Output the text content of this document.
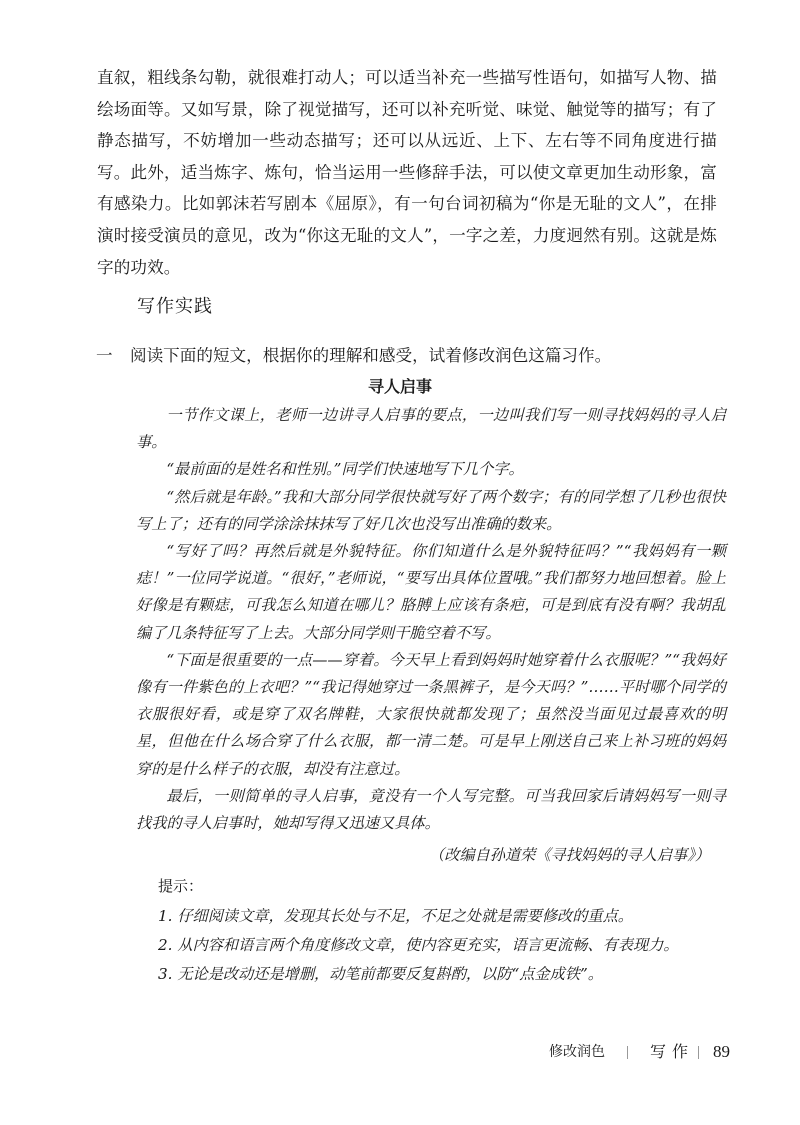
直叙，粗线条勾勒，就很难打动人；可以适当补充一些描写性语句，如描写人物、描绘场面等。又如写景，除了视觉描写，还可以补充听觉、味觉、触觉等的描写；有了静态描写，不妨增加一些动态描写；还可以从远近、上下、左右等不同角度进行描写。此外，适当炼字、炼句，恰当运用一些修辞手法，可以使文章更加生动形象，富有感染力。比如郭沫若写剧本《屈原》，有一句台词初稿为“你是无耻的文人”，在排演时接受演员的意见，改为“你这无耻的文人”，一字之差，力度迥然有别。这就是炼字的功效。

写作实践
一 阅读下面的短文，根据你的理解和感受，试着修改润色这篇习作。
寻人启事

一节作文课上，老师一边讲寻人启事的要点，一边叫我们写一则寻找妈妈的寻人启事。

“最前面的是姓名和性别。”同学们快速地写下几个字。

“然后就是年龄。”我和大部分同学很快就写好了两个数字；有的同学想了几秒也很快写上了；还有的同学涂涂抹抹写了好几次也没写出准确的数来。

“写好了吗？再然后就是外貌特征。你们知道什么是外貌特征吗？”“我妈妈有一颗痣！”一位同学说道。“很好，”老师说，“要写出具体位置哦。”我们都努力地回想着。脸上好像是有颗痣，可我怎么知道在哪儿？胳膊上应该有条疤，可是到底有没有啊？我胡乱编了几条特征写了上去。大部分同学则干脆空着不写。

“下面是很重要的一点——穿着。今天早上看到妈妈时她穿着什么衣服呢？”“我妈好像有一件紫色的上衣吧？”“我记得她穿过一条黑裤子，是今天吗？”……平时哪个同学的衣服很好看，或是穿了双名牌鞋，大家很快就都发现了；虽然没当面见过最喜欢的明星，但他在什么场合穿了什么衣服，都一清二楚。可是早上刚送自己来上补习班的妈妈穿的是什么样子的衣服，却没有注意过。

最后，一则简单的寻人启事，竟没有一个人写完整。可当我回家后请妈妈写一则寻找我的寻人启事时，她却写得又迅速又具体。

（改编自孙道荣《寻找妈妈的寻人启事》）
提示：
1. 仔细阅读文章，发现其长处与不足，不足之处就是需要修改的重点。
2. 从内容和语言两个角度修改文章，使内容更充实，语言更流畅、有表现力。
3. 无论是改动还是增删，动笔前都要反复斟酌，以防“点金成铁”。
修改润色	写作 89
